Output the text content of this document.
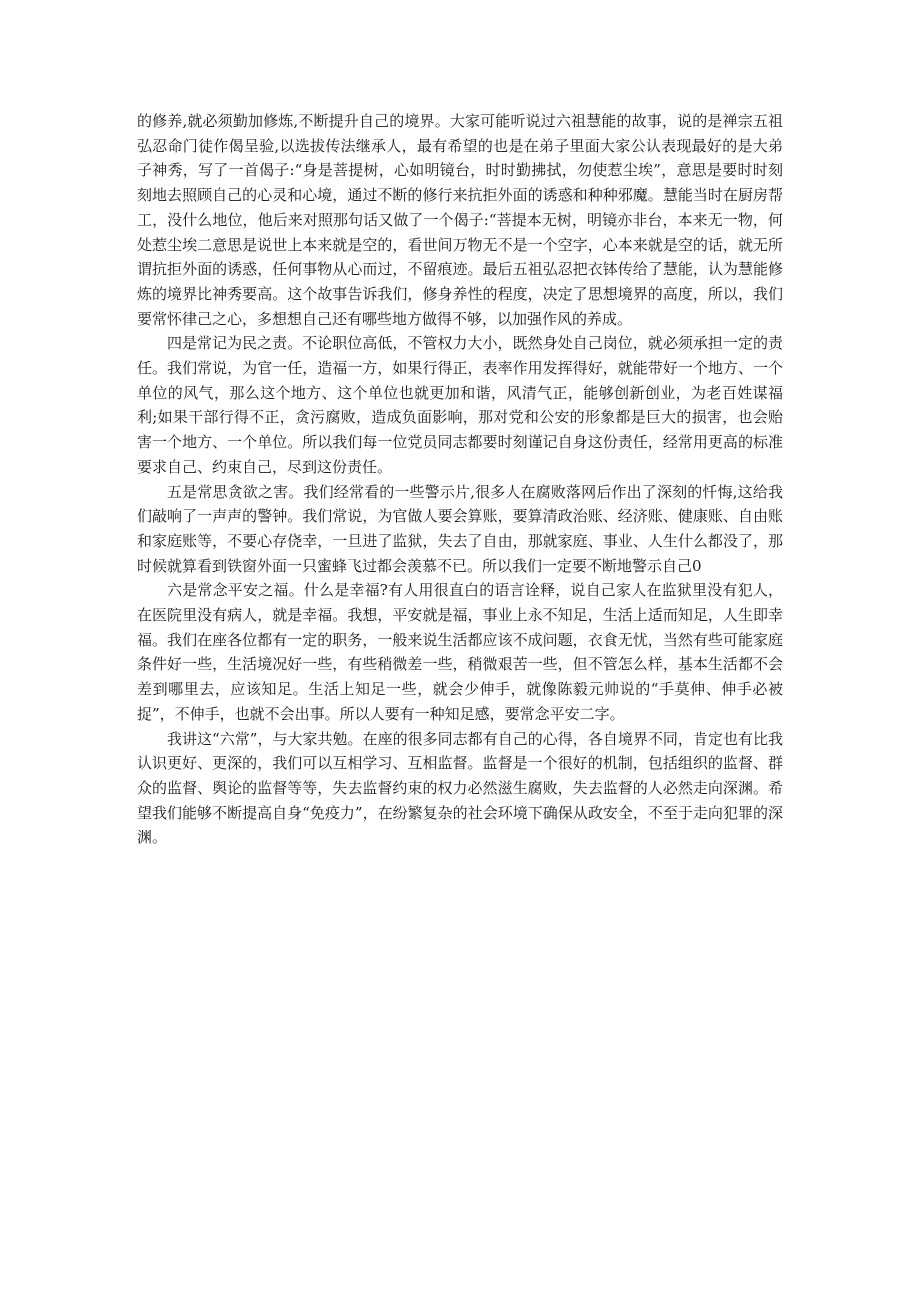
的修养,就必须勤加修炼,不断提升自己的境界。大家可能听说过六祖慧能的故事，说的是禅宗五祖弘忍命门徒作偈呈验,以选拔传法继承人，最有希望的也是在弟子里面大家公认表现最好的是大弟子神秀，写了一首偈子:“身是菩提树，心如明镜台，时时勤拂拭，勿使惹尘埃”，意思是要时时刻刻地去照顾自己的心灵和心境，通过不断的修行来抗拒外面的诱惑和种种邪魔。慧能当时在厨房帮工，没什么地位，他后来对照那句话又做了一个偈子:“菩提本无树，明镜亦非台，本来无一物，何处惹尘埃二意思是说世上本来就是空的，看世间万物无不是一个空字，心本来就是空的话，就无所谓抗拒外面的诱惑，任何事物从心而过，不留痕迹。最后五祖弘忍把衣钵传给了慧能，认为慧能修炼的境界比神秀要高。这个故事告诉我们，修身养性的程度，决定了思想境界的高度，所以，我们要常怀律己之心，多想想自己还有哪些地方做得不够，以加强作风的养成。

四是常记为民之责。不论职位高低，不管权力大小，既然身处自己岗位，就必须承担一定的责任。我们常说，为官一任，造福一方，如果行得正，表率作用发挥得好，就能带好一个地方、一个单位的风气，那么这个地方、这个单位也就更加和谐，风清气正，能够创新创业，为老百姓谋福利;如果干部行得不正，贪污腐败，造成负面影响，那对党和公安的形象都是巨大的损害，也会贻害一个地方、一个单位。所以我们每一位党员同志都要时刻谨记自身这份责任，经常用更高的标准要求自己、约束自己，尽到这份责任。

五是常思贪欲之害。我们经常看的一些警示片,很多人在腐败落网后作出了深刻的忏悔,这给我们敲响了一声声的警钟。我们常说，为官做人要会算账，要算清政治账、经济账、健康账、自由账和家庭账等，不要心存侥幸，一旦进了监狱，失去了自由，那就家庭、事业、人生什么都没了，那时候就算看到铁窗外面一只蜜蜂飞过都会羡慕不已。所以我们一定要不断地警示自己0

六是常念平安之福。什么是幸福?有人用很直白的语言诠释，说自己家人在监狱里没有犯人，在医院里没有病人，就是幸福。我想，平安就是福，事业上永不知足，生活上适而知足，人生即幸福。我们在座各位都有一定的职务，一般来说生活都应该不成问题，衣食无忧，当然有些可能家庭条件好一些，生活境况好一些，有些稍微差一些，稍微艰苦一些，但不管怎么样，基本生活都不会差到哪里去，应该知足。生活上知足一些，就会少伸手，就像陈毅元帅说的“手莫伸、伸手必被捉”，不伸手，也就不会出事。所以人要有一种知足感，要常念平安二字。

我讲这“六常”，与大家共勉。在座的很多同志都有自己的心得，各自境界不同，肯定也有比我认识更好、更深的，我们可以互相学习、互相监督。监督是一个很好的机制，包括组织的监督、群众的监督、舆论的监督等等，失去监督约束的权力必然滋生腐败，失去监督的人必然走向深渊。希望我们能够不断提高自身“免疫力”，在纷繁复杂的社会环境下确保从政安全，不至于走向犯罪的深渊。
